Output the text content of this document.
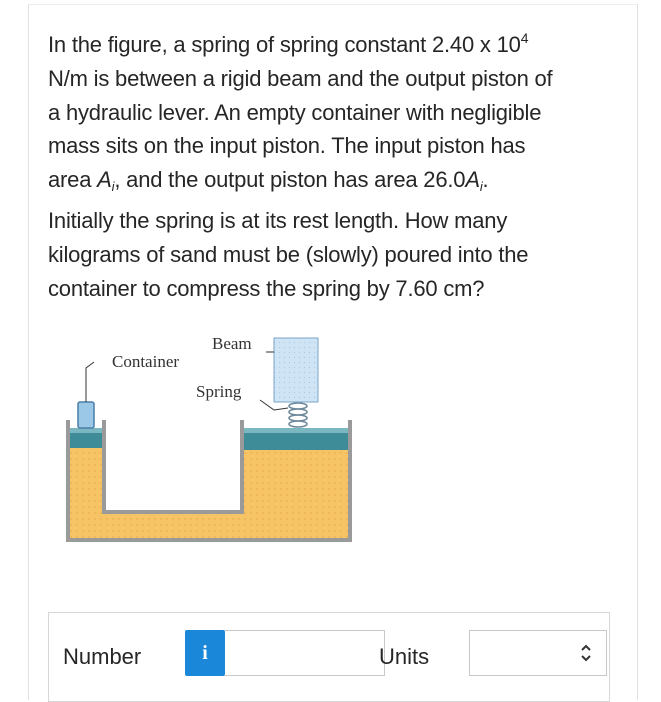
In the figure, a spring of spring constant 2.40 x $10^4$
N/m is between a rigid beam and the output piston of
a hydraulic lever. An empty container with negligible
mass sits on the input piston. The input piston has
area $A_i$, and the output piston has area $26.0A_i$.
Initially the spring is at its rest length. How many
kilograms of sand must be (slowly) poured into the
container to compress the spring by 7.60 cm?
Beam
Container
Spring
Number	i	Units
